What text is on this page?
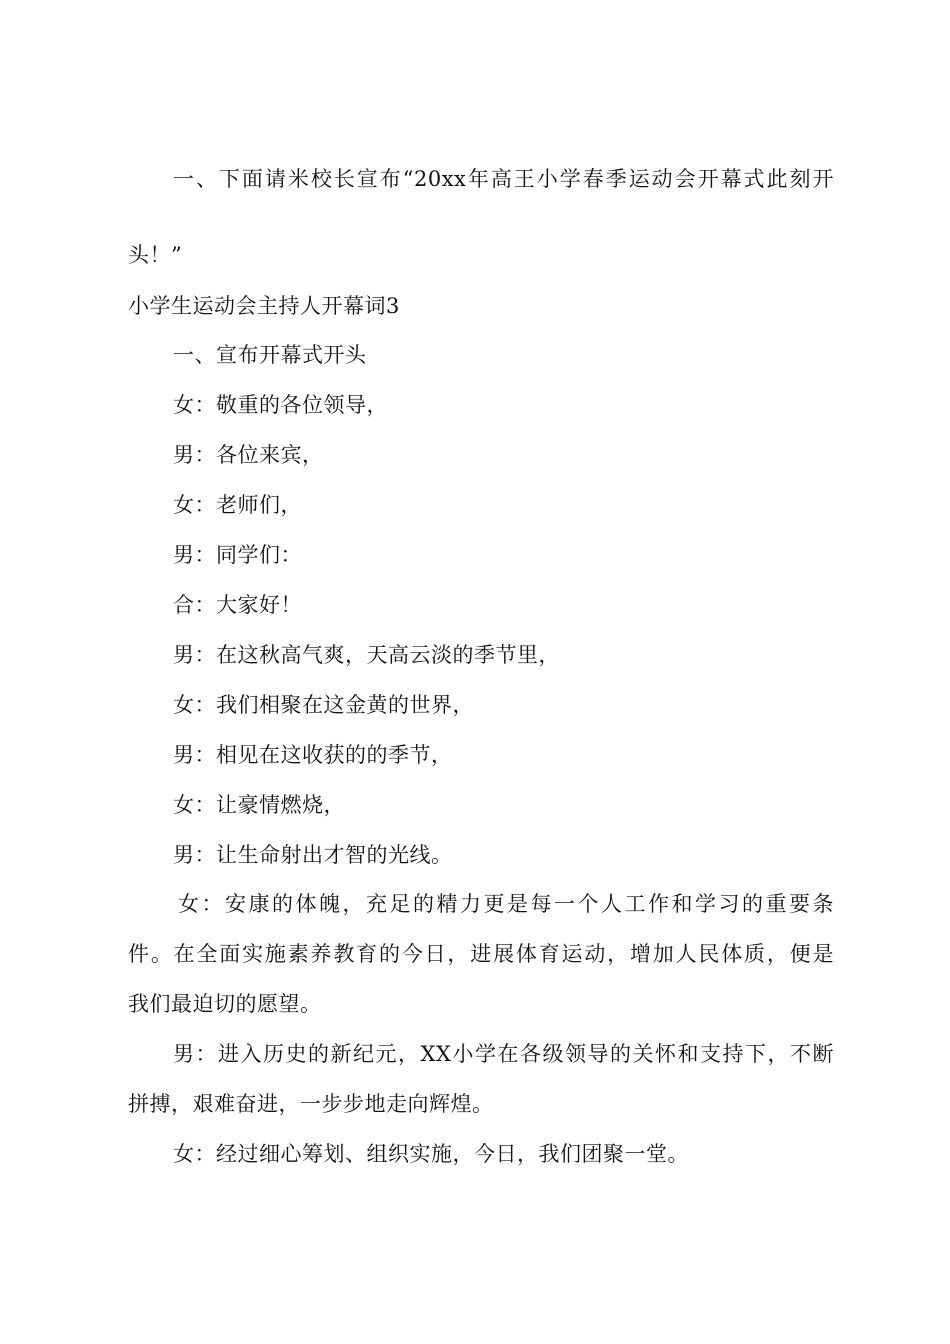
一、下面请米校长宣布“20xx年高王小学春季运动会开幕式此刻开
头！”
小学生运动会主持人开幕词3
一、宣布开幕式开头
女：敬重的各位领导，
男：各位来宾，
女：老师们，
男：同学们：
合：大家好！
男：在这秋高气爽，天高云淡的季节里，
女：我们相聚在这金黄的世界，
男：相见在这收获的的季节，
女：让豪情燃烧，
男：让生命射出才智的光线。
女：安康的体魄，充足的精力更是每一个人工作和学习的重要条
件。在全面实施素养教育的今日，进展体育运动，增加人民体质，便是
我们最迫切的愿望。
男：进入历史的新纪元，XX小学在各级领导的关怀和支持下，不断
拼搏，艰难奋进，一步步地走向辉煌。
女：经过细心筹划、组织实施，今日，我们团聚一堂。
